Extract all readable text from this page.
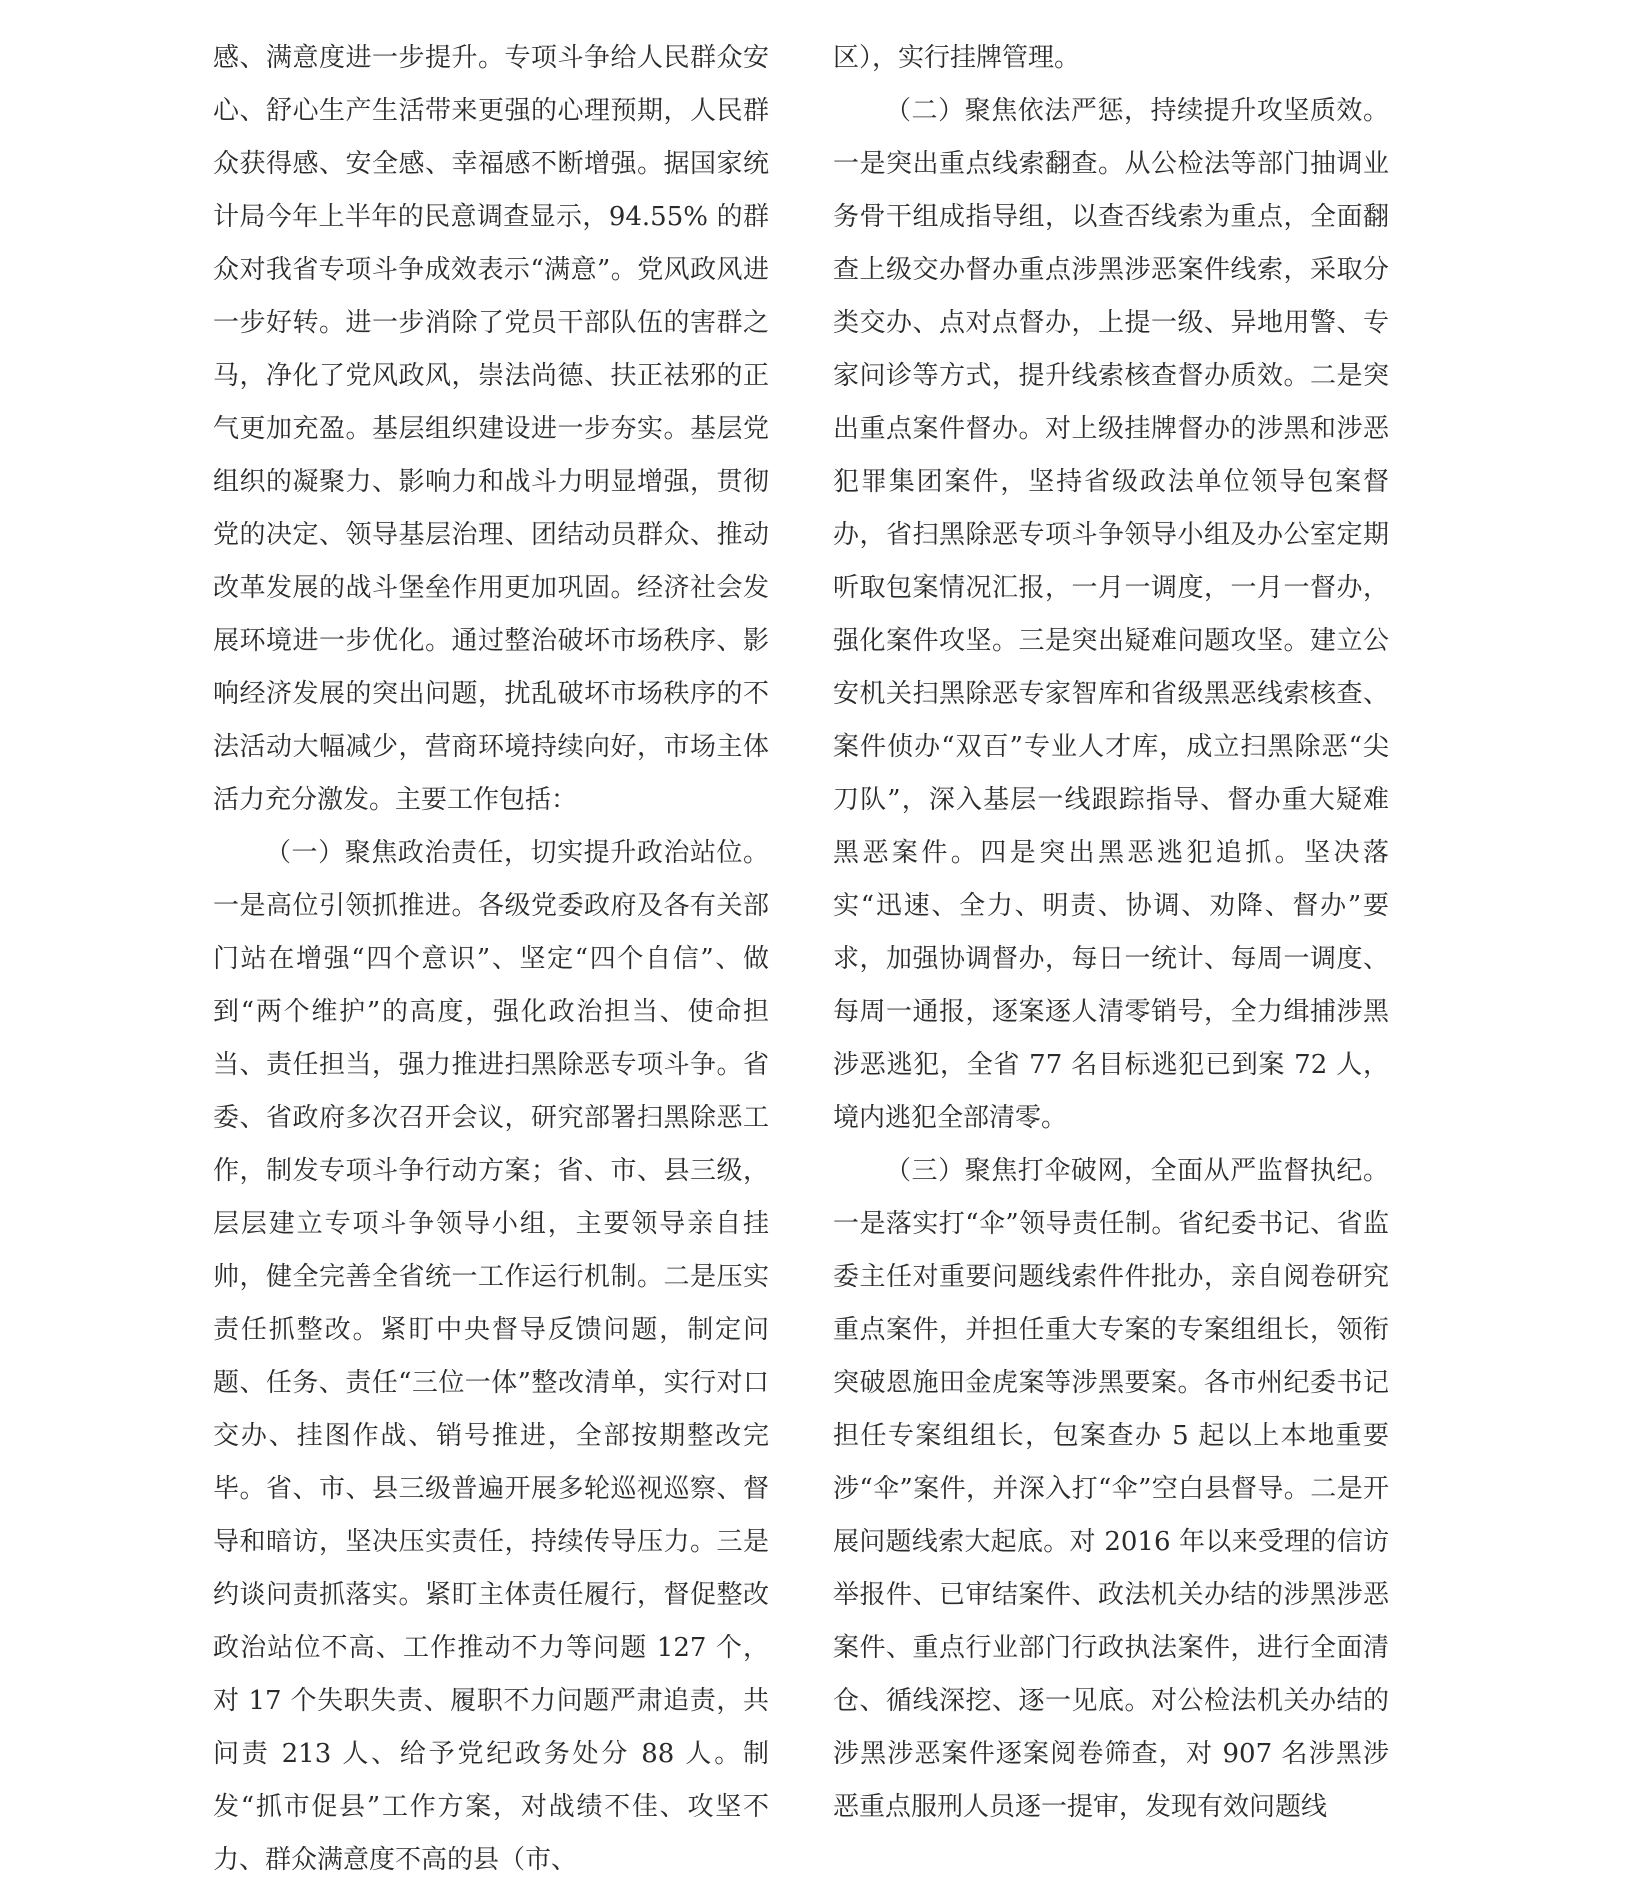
感、满意度进一步提升。专项斗争给人民群众安心、舒心生产生活带来更强的心理预期，人民群众获得感、安全感、幸福感不断增强。据国家统计局今年上半年的民意调查显示，94.55% 的群众对我省专项斗争成效表示“满意”。党风政风进一步好转。进一步消除了党员干部队伍的害群之马，净化了党风政风，崇法尚德、扶正祛邪的正气更加充盈。基层组织建设进一步夯实。基层党组织的凝聚力、影响力和战斗力明显增强，贯彻党的决定、领导基层治理、团结动员群众、推动改革发展的战斗堡垒作用更加巩固。经济社会发展环境进一步优化。通过整治破坏市场秩序、影响经济发展的突出问题，扰乱破坏市场秩序的不法活动大幅减少，营商环境持续向好，市场主体活力充分激发。主要工作包括：

（一）聚焦政治责任，切实提升政治站位。一是高位引领抓推进。各级党委政府及各有关部门站在增强“四个意识”、坚定“四个自信”、做到“两个维护”的高度，强化政治担当、使命担当、责任担当，强力推进扫黑除恶专项斗争。省委、省政府多次召开会议，研究部署扫黑除恶工作，制发专项斗争行动方案；省、市、县三级，层层建立专项斗争领导小组，主要领导亲自挂帅，健全完善全省统一工作运行机制。二是压实责任抓整改。紧盯中央督导反馈问题，制定问题、任务、责任“三位一体”整改清单，实行对口交办、挂图作战、销号推进，全部按期整改完毕。省、市、县三级普遍开展多轮巡视巡察、督导和暗访，坚决压实责任，持续传导压力。三是约谈问责抓落实。紧盯主体责任履行，督促整改政治站位不高、工作推动不力等问题 127 个，对 17 个失职失责、履职不力问题严肃追责，共问责 213 人、给予党纪政务处分 88 人。制发“抓市促县”工作方案，对战绩不佳、攻坚不力、群众满意度不高的县（市、

区），实行挂牌管理。

（二）聚焦依法严惩，持续提升攻坚质效。一是突出重点线索翻查。从公检法等部门抽调业务骨干组成指导组，以查否线索为重点，全面翻查上级交办督办重点涉黑涉恶案件线索，采取分类交办、点对点督办，上提一级、异地用警、专家问诊等方式，提升线索核查督办质效。二是突出重点案件督办。对上级挂牌督办的涉黑和涉恶犯罪集团案件，坚持省级政法单位领导包案督办，省扫黑除恶专项斗争领导小组及办公室定期听取包案情况汇报，一月一调度，一月一督办，强化案件攻坚。三是突出疑难问题攻坚。建立公安机关扫黑除恶专家智库和省级黑恶线索核查、案件侦办“双百”专业人才库，成立扫黑除恶“尖刀队”，深入基层一线跟踪指导、督办重大疑难黑恶案件。四是突出黑恶逃犯追抓。坚决落实“迅速、全力、明责、协调、劝降、督办”要求，加强协调督办，每日一统计、每周一调度、每周一通报，逐案逐人清零销号，全力缉捕涉黑涉恶逃犯，全省 77 名目标逃犯已到案 72 人，境内逃犯全部清零。

（三）聚焦打伞破网，全面从严监督执纪。一是落实打“伞”领导责任制。省纪委书记、省监委主任对重要问题线索件件批办，亲自阅卷研究重点案件，并担任重大专案的专案组组长，领衔突破恩施田金虎案等涉黑要案。各市州纪委书记担任专案组组长，包案查办 5 起以上本地重要涉“伞”案件，并深入打“伞”空白县督导。二是开展问题线索大起底。对 2016 年以来受理的信访举报件、已审结案件、政法机关办结的涉黑涉恶案件、重点行业部门行政执法案件，进行全面清仓、循线深挖、逐一见底。对公检法机关办结的涉黑涉恶案件逐案阅卷筛查，对 907 名涉黑涉恶重点服刑人员逐一提审，发现有效问题线
